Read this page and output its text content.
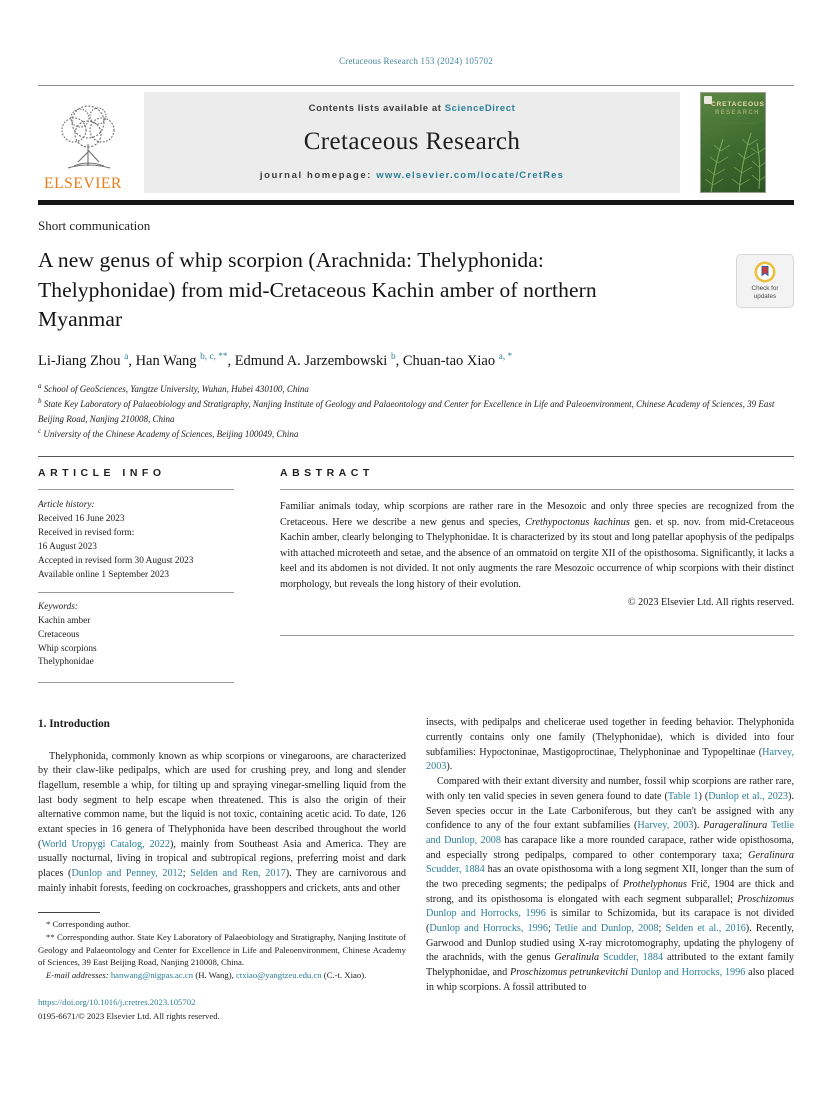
Cretaceous Research 153 (2024) 105702
ELSEVIER
Contents lists available at ScienceDirect
Cretaceous Research
journal homepage: www.elsevier.com/locate/CretRes
CRETACEOUS
RESEARCH
Short communication
A new genus of whip scorpion (Arachnida: Thelyphonida: Thelyphonidae) from mid-Cretaceous Kachin amber of northern Myanmar
Check for
updates
Li-Jiang Zhou $^a$, Han Wang $^{b, c, **}$, Edmund A. Jarzembowski $^b$, Chuan-tao Xiao $^{a, *}$
$^a$ School of GeoSciences, Yangtze University, Wuhan, Hubei 430100, China
$^b$ State Key Laboratory of Palaeobiology and Stratigraphy, Nanjing Institute of Geology and Palaeontology and Center for Excellence in Life and Paleoenvironment, Chinese Academy of Sciences, 39 East Beijing Road, Nanjing 210008, China
$^c$ University of the Chinese Academy of Sciences, Beijing 100049, China
ARTICLE INFO
Article history:
Received 16 June 2023
Received in revised form:
16 August 2023
Accepted in revised form 30 August 2023
Available online 1 September 2023
Keywords:
Kachin amber
Cretaceous
Whip scorpions
Thelyphonidae
ABSTRACT

Familiar animals today, whip scorpions are rather rare in the Mesozoic and only three species are recognized from the Cretaceous. Here we describe a new genus and species, Crethypoctonus kachinus gen. et sp. nov. from mid-Cretaceous Kachin amber, clearly belonging to Thelyphonidae. It is characterized by its stout and long patellar apophysis of the pedipalps with attached microteeth and setae, and the absence of an ommatoid on tergite XII of the opisthosoma. Significantly, it lacks a keel and its abdomen is not divided. It not only augments the rare Mesozoic occurrence of whip scorpions with their distinct morphology, but reveals the long history of their evolution.

© 2023 Elsevier Ltd. All rights reserved.
1. Introduction

Thelyphonida, commonly known as whip scorpions or vinegaroons, are characterized by their claw-like pedipalps, which are used for crushing prey, and long and slender flagellum, resemble a whip, for tilting up and spraying vinegar-smelling liquid from the last body segment to help escape when threatened. This is also the origin of their alternative common name, but the liquid is not toxic, containing acetic acid. To date, 126 extant species in 16 genera of Thelyphonida have been described throughout the world (World Uropygi Catalog, 2022), mainly from Southeast Asia and America. They are usually nocturnal, living in tropical and subtropical regions, preferring moist and dark places (Dunlop and Penney, 2012; Selden and Ren, 2017). They are carnivorous and mainly inhabit forests, feeding on cockroaches, grasshoppers and crickets, ants and other

* Corresponding author.

** Corresponding author. State Key Laboratory of Palaeobiology and Stratigraphy, Nanjing Institute of Geology and Palaeontology and Center for Excellence in Life and Paleoenvironment, Chinese Academy of Sciences, 39 East Beijing Road, Nanjing 210008, China.

E-mail addresses: hanwang@nigpas.ac.cn (H. Wang), ctxiao@yangtzeu.edu.cn (C.-t. Xiao).

https://doi.org/10.1016/j.cretres.2023.105702
0195-6671/© 2023 Elsevier Ltd. All rights reserved.

insects, with pedipalps and chelicerae used together in feeding behavior. Thelyphonida currently contains only one family (Thelyphonidae), which is divided into four subfamilies: Hypoctoninae, Mastigoproctinae, Thelyphoninae and Typopeltinae (Harvey, 2003).

Compared with their extant diversity and number, fossil whip scorpions are rather rare, with only ten valid species in seven genera found to date (Table 1) (Dunlop et al., 2023). Seven species occur in the Late Carboniferous, but they can't be assigned with any confidence to any of the four extant subfamilies (Harvey, 2003). Parageralinura Tetlie and Dunlop, 2008 has carapace like a more rounded carapace, rather wide opisthosoma, and especially strong pedipalps, compared to other contemporary taxa; Geralinura Scudder, 1884 has an ovate opisthosoma with a long segment XII, longer than the sum of the two preceding segments; the pedipalps of Prothelyphonus Frič, 1904 are thick and strong, and its opisthosoma is elongated with each segment subparallel; Proschizomus Dunlop and Horrocks, 1996 is similar to Schizomida, but its carapace is not divided (Dunlop and Horrocks, 1996; Tetlie and Dunlop, 2008; Selden et al., 2016). Recently, Garwood and Dunlop studied using X-ray microtomography, updating the phylogeny of the arachnids, with the genus Geralinula Scudder, 1884 attributed to the extant family Thelyphonidae, and Proschizomus petrunkevitchi Dunlop and Horrocks, 1996 also placed in whip scorpions. A fossil attributed to
